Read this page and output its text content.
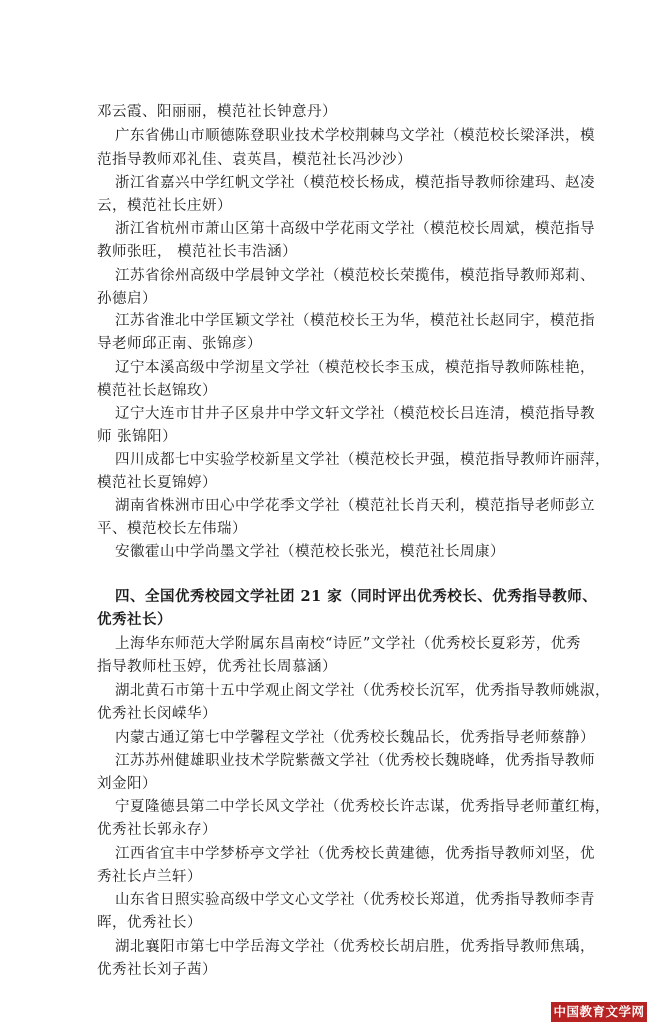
邓云霞、阳丽丽，模范社长钟意丹）
广东省佛山市顺德陈登职业技术学校荆棘鸟文学社（模范校长梁泽洪，模
范指导教师邓礼佳、袁英昌，模范社长冯沙沙）
浙江省嘉兴中学红帆文学社（模范校长杨成，模范指导教师徐建玛、赵凌
云，模范社长庄妍）
浙江省杭州市萧山区第十高级中学花雨文学社（模范校长周斌，模范指导
教师张旺， 模范社长韦浩涵）
江苏省徐州高级中学晨钟文学社（模范校长荣揽伟，模范指导教师郑莉、
孙德启）
江苏省淮北中学匡颖文学社（模范校长王为华，模范社长赵同宇，模范指
导老师邱正南、张锦彦）
辽宁本溪高级中学沏星文学社（模范校长李玉成，模范指导教师陈桂艳，
模范社长赵锦玫）
辽宁大连市甘井子区泉井中学文轩文学社（模范校长吕连清，模范指导教
师 张锦阳）
四川成都七中实验学校新星文学社（模范校长尹强，模范指导教师许丽萍，
模范社长夏锦婷）
湖南省株洲市田心中学花季文学社（模范社长肖天利，模范指导老师彭立
平、模范校长左伟瑞）
安徽霍山中学尚墨文学社（模范校长张光，模范社长周康）
四、全国优秀校园文学社团 21 家（同时评出优秀校长、优秀指导教师、
优秀社长）
上海华东师范大学附属东昌南校“诗匠”文学社（优秀校长夏彩芳，优秀
指导教师杜玉婷，优秀社长周慕涵）
湖北黄石市第十五中学观止阁文学社（优秀校长沉军，优秀指导教师姚淑，
优秀社长闵嵘华）
内蒙古通辽第七中学馨程文学社（优秀校长魏品长，优秀指导老师蔡静）
江苏苏州健雄职业技术学院紫薇文学社（优秀校长魏晓峰，优秀指导教师
刘金阳）
宁夏隆德县第二中学长风文学社（优秀校长许志谋，优秀指导老师董红梅，
优秀社长郭永存）
江西省宜丰中学梦桥亭文学社（优秀校长黄建德，优秀指导教师刘坚，优
秀社长卢兰轩）
山东省日照实验高级中学文心文学社（优秀校长郑道，优秀指导教师李青
晖，优秀社长）
湖北襄阳市第七中学岳海文学社（优秀校长胡启胜，优秀指导教师焦瑀，
优秀社长刘子茜）
中国教育文学网
